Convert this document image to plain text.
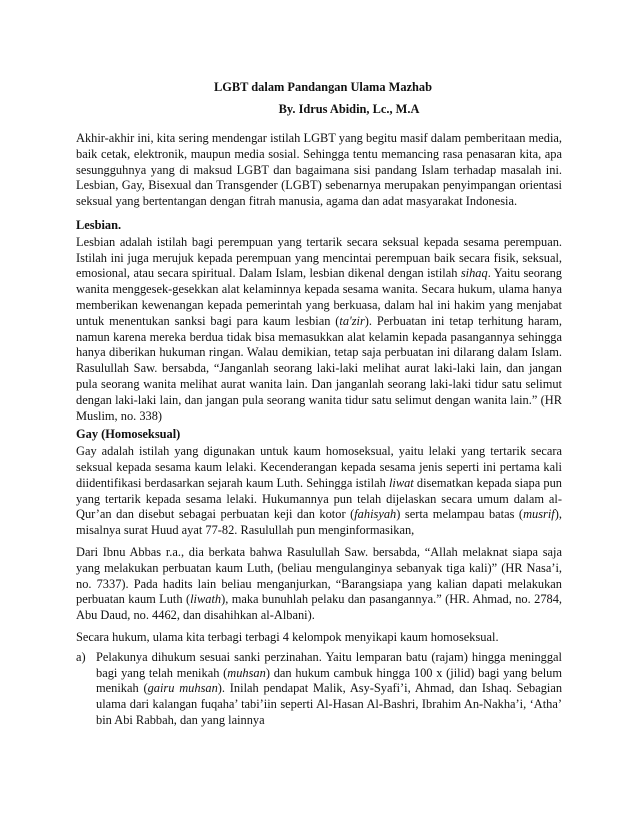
LGBT dalam Pandangan Ulama Mazhab
By. Idrus Abidin, Lc., M.A

Akhir-akhir ini, kita sering mendengar istilah LGBT yang begitu masif dalam pemberitaan media, baik cetak, elektronik, maupun media sosial. Sehingga tentu memancing rasa penasaran kita, apa sesungguhnya yang di maksud LGBT dan bagaimana sisi pandang Islam terhadap masalah ini. Lesbian, Gay, Bisexual dan Transgender (LGBT) sebenarnya merupakan penyimpangan orientasi seksual yang bertentangan dengan fitrah manusia, agama dan adat masyarakat Indonesia.

Lesbian.

Lesbian adalah istilah bagi perempuan yang tertarik secara seksual kepada sesama perempuan. Istilah ini juga merujuk kepada perempuan yang mencintai perempuan baik secara fisik, seksual, emosional, atau secara spiritual. Dalam Islam, lesbian dikenal dengan istilah sihaq. Yaitu seorang wanita menggesek-gesekkan alat kelaminnya kepada sesama wanita. Secara hukum, ulama hanya memberikan kewenangan kepada pemerintah yang berkuasa, dalam hal ini hakim yang menjabat untuk menentukan sanksi bagi para kaum lesbian (ta'zir). Perbuatan ini tetap terhitung haram, namun karena mereka berdua tidak bisa memasukkan alat kelamin kepada pasangannya sehingga hanya diberikan hukuman ringan. Walau demikian, tetap saja perbuatan ini dilarang dalam Islam. Rasulullah Saw. bersabda, “Janganlah seorang laki-laki melihat aurat laki-laki lain, dan jangan pula seorang wanita melihat aurat wanita lain. Dan janganlah seorang laki-laki tidur satu selimut dengan laki-laki lain, dan jangan pula seorang wanita tidur satu selimut dengan wanita lain.” (HR Muslim, no. 338)

Gay (Homoseksual)

Gay adalah istilah yang digunakan untuk kaum homoseksual, yaitu lelaki yang tertarik secara seksual kepada sesama kaum lelaki. Kecenderangan kepada sesama jenis seperti ini pertama kali diidentifikasi berdasarkan sejarah kaum Luth. Sehingga istilah liwat disematkan kepada siapa pun yang tertarik kepada sesama lelaki. Hukumannya pun telah dijelaskan secara umum dalam al-Qur’an dan disebut sebagai perbuatan keji dan kotor (fahisyah) serta melampau batas (musrif), misalnya surat Huud ayat 77-82. Rasulullah pun menginformasikan,

Dari Ibnu Abbas r.a., dia berkata bahwa Rasulullah Saw. bersabda, “Allah melaknat siapa saja yang melakukan perbuatan kaum Luth, (beliau mengulanginya sebanyak tiga kali)” (HR Nasa’i, no. 7337). Pada hadits lain beliau menganjurkan, “Barangsiapa yang kalian dapati melakukan perbuatan kaum Luth (liwath), maka bunuhlah pelaku dan pasangannya.” (HR. Ahmad, no. 2784, Abu Daud, no. 4462, dan disahihkan al-Albani).

Secara hukum, ulama kita terbagi terbagi 4 kelompok menyikapi kaum homoseksual.

a) Pelakunya dihukum sesuai sanki perzinahan. Yaitu lemparan batu (rajam) hingga meninggal bagi yang telah menikah (muhsan) dan hukum cambuk hingga 100 x (jilid) bagi yang belum menikah (gairu muhsan). Inilah pendapat Malik, Asy-Syafi’i, Ahmad, dan Ishaq. Sebagian ulama dari kalangan fuqaha’ tabi’iin seperti Al-Hasan Al-Bashri, Ibrahim An-Nakha’i, ‘Atha’ bin Abi Rabbah, dan yang lainnya
